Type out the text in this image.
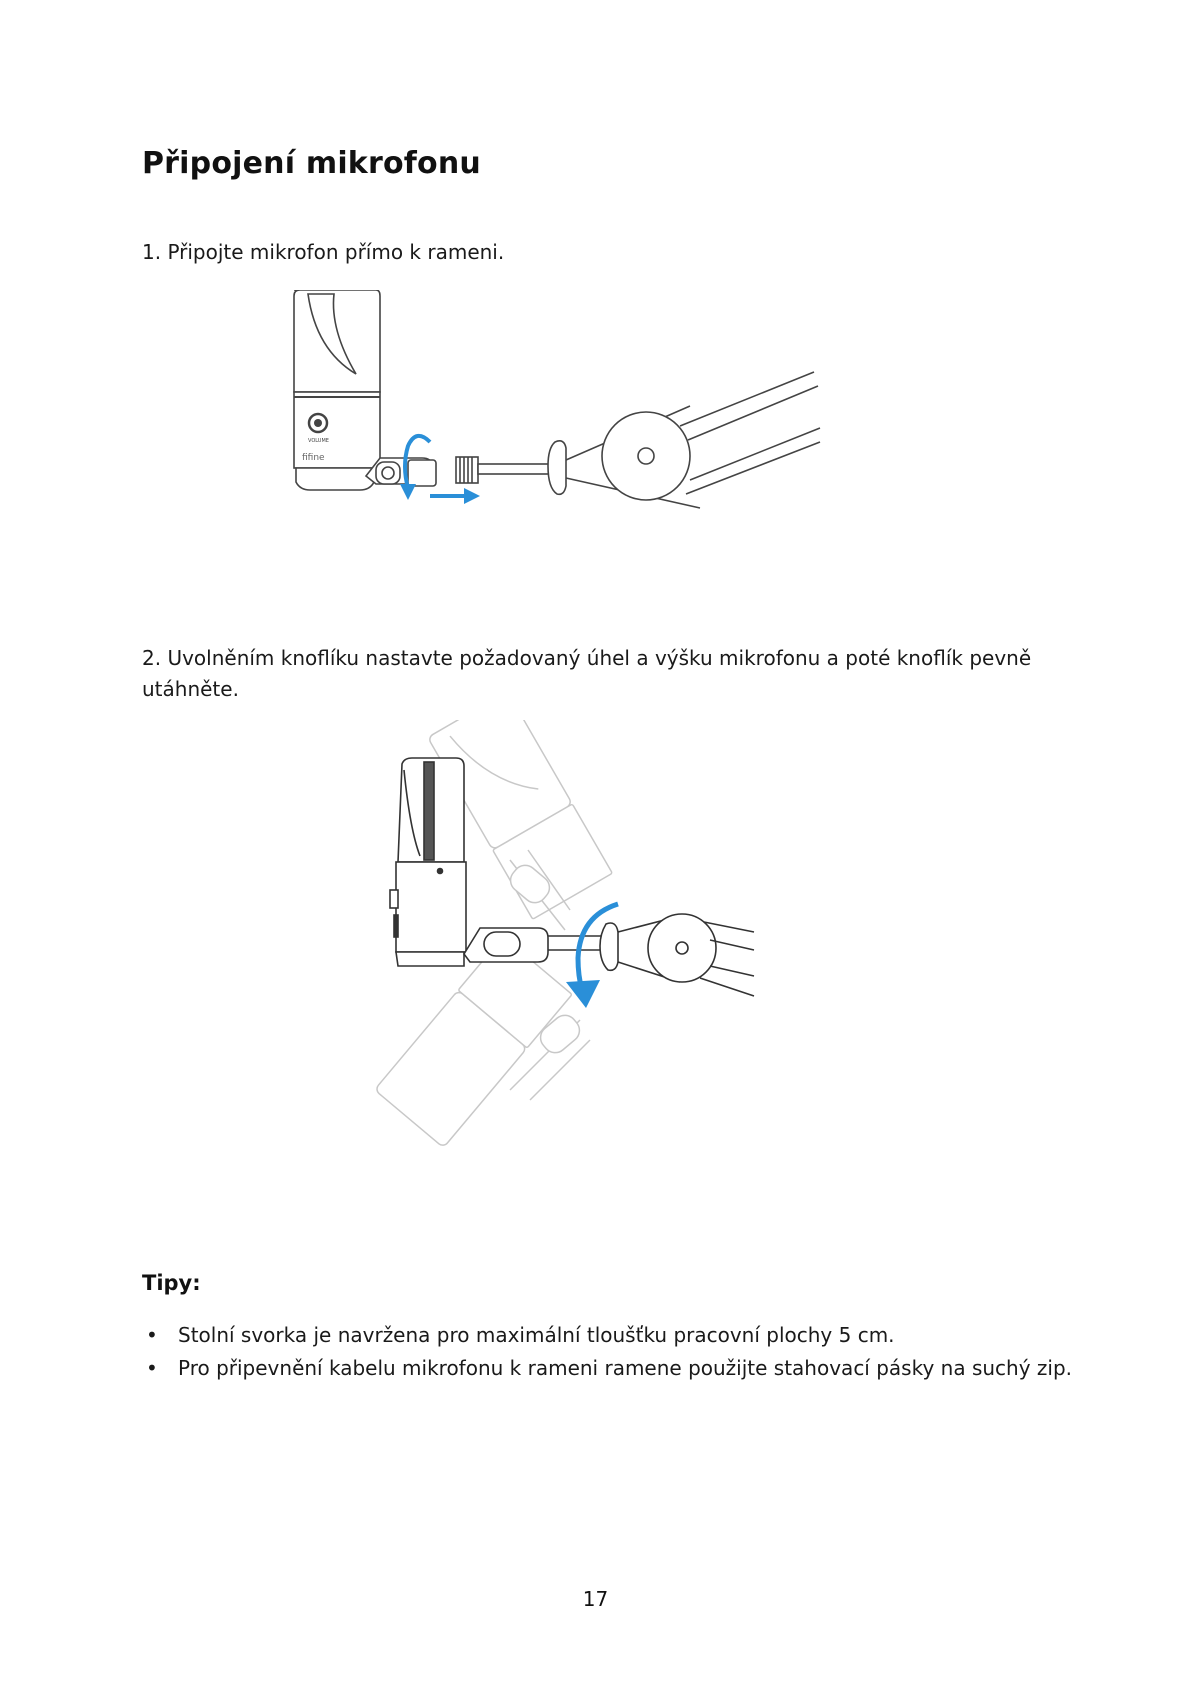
Připojení mikrofonu

1. Připojte mikrofon přímo k rameni.

VOLUME
fifine

2. Uvolněním knoflíku nastavte požadovaný úhel a výšku mikrofonu a poté knoflík pevně utáhněte.

Tipy:
• Stolní svorka je navržena pro maximální tloušťku pracovní plochy 5 cm.
• Pro připevnění kabelu mikrofonu k rameni ramene použijte stahovací pásky na suchý zip.

17
